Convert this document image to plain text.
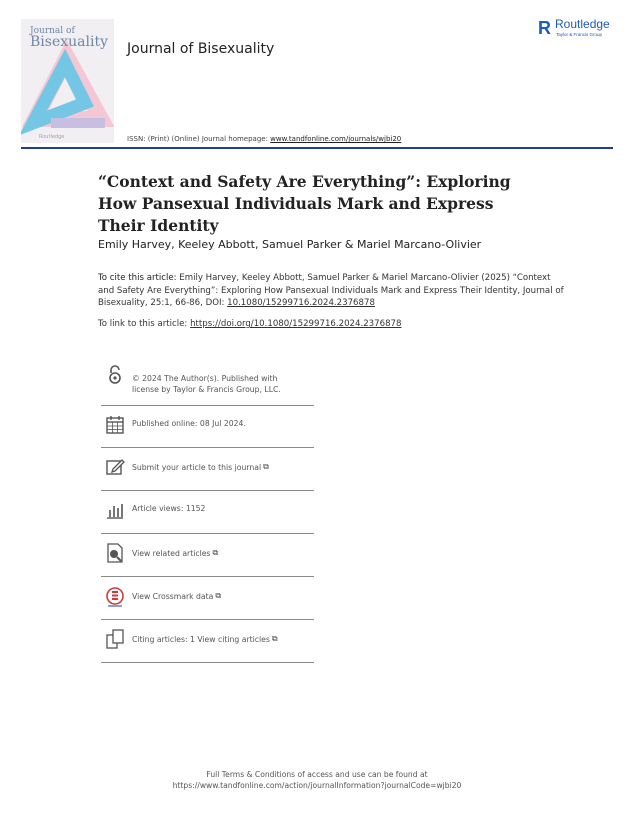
Journal of
Bisexuality
Routledge
Journal of Bisexuality
R Routledge
Taylor & Francis Group
ISSN: (Print) (Online) Journal homepage: www.tandfonline.com/journals/wjbi20
“Context and Safety Are Everything”: Exploring How Pansexual Individuals Mark and Express Their Identity
Emily Harvey, Keeley Abbott, Samuel Parker & Mariel Marcano-Olivier
To cite this article: Emily Harvey, Keeley Abbott, Samuel Parker & Mariel Marcano-Olivier (2025) “Context and Safety Are Everything”: Exploring How Pansexual Individuals Mark and Express Their Identity, Journal of Bisexuality, 25:1, 66-86, DOI: 10.1080/15299716.2024.2376878
To link to this article: https://doi.org/10.1080/15299716.2024.2376878
© 2024 The Author(s). Published with
license by Taylor & Francis Group, LLC.
Published online: 08 Jul 2024.
Submit your article to this journal ⧉
Article views: 1152
View related articles ⧉
View Crossmark data ⧉
Citing articles: 1 View citing articles ⧉
Full Terms & Conditions of access and use can be found at
https://www.tandfonline.com/action/journalInformation?journalCode=wjbi20
